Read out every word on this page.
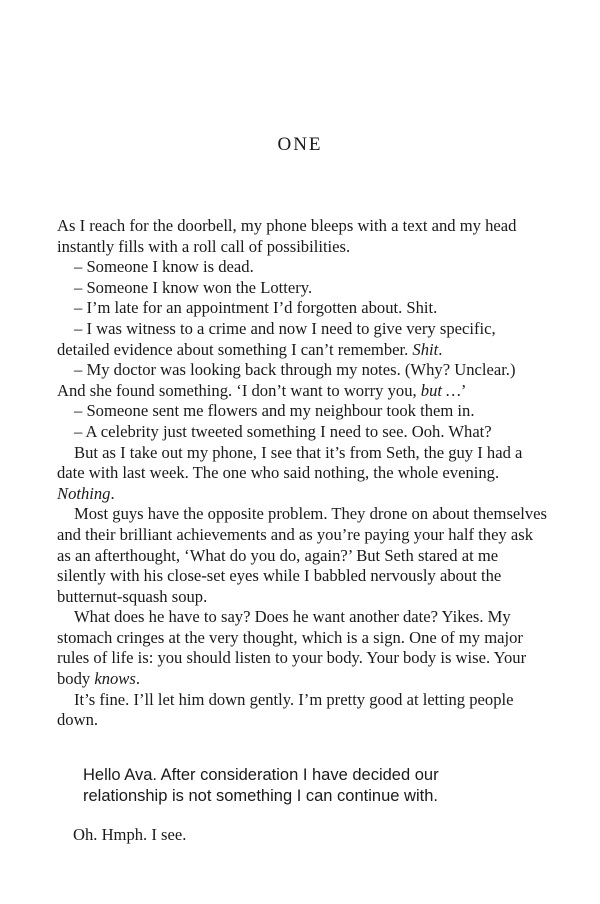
ONE

As I reach for the doorbell, my phone bleeps with a text and my head instantly fills with a roll call of possibilities.

– Someone I know is dead.

– Someone I know won the Lottery.

– I’m late for an appointment I’d forgotten about. Shit.

– I was witness to a crime and now I need to give very specific, detailed evidence about something I can’t remember. Shit.

– My doctor was looking back through my notes. (Why? Unclear.) And she found something. ‘I don’t want to worry you, but …’

– Someone sent me flowers and my neighbour took them in.

– A celebrity just tweeted something I need to see. Ooh. What?

But as I take out my phone, I see that it’s from Seth, the guy I had a date with last week. The one who said nothing, the whole evening. Nothing.

Most guys have the opposite problem. They drone on about themselves and their brilliant achievements and as you’re paying your half they ask as an afterthought, ‘What do you do, again?’ But Seth stared at me silently with his close-set eyes while I babbled nervously about the butternut-squash soup.

What does he have to say? Does he want another date? Yikes. My stomach cringes at the very thought, which is a sign. One of my major rules of life is: you should listen to your body. Your body is wise. Your body knows.

It’s fine. I’ll let him down gently. I’m pretty good at letting people down.

Hello Ava. After consideration I have decided our relationship is not something I can continue with.
Oh. Hmph. I see.
